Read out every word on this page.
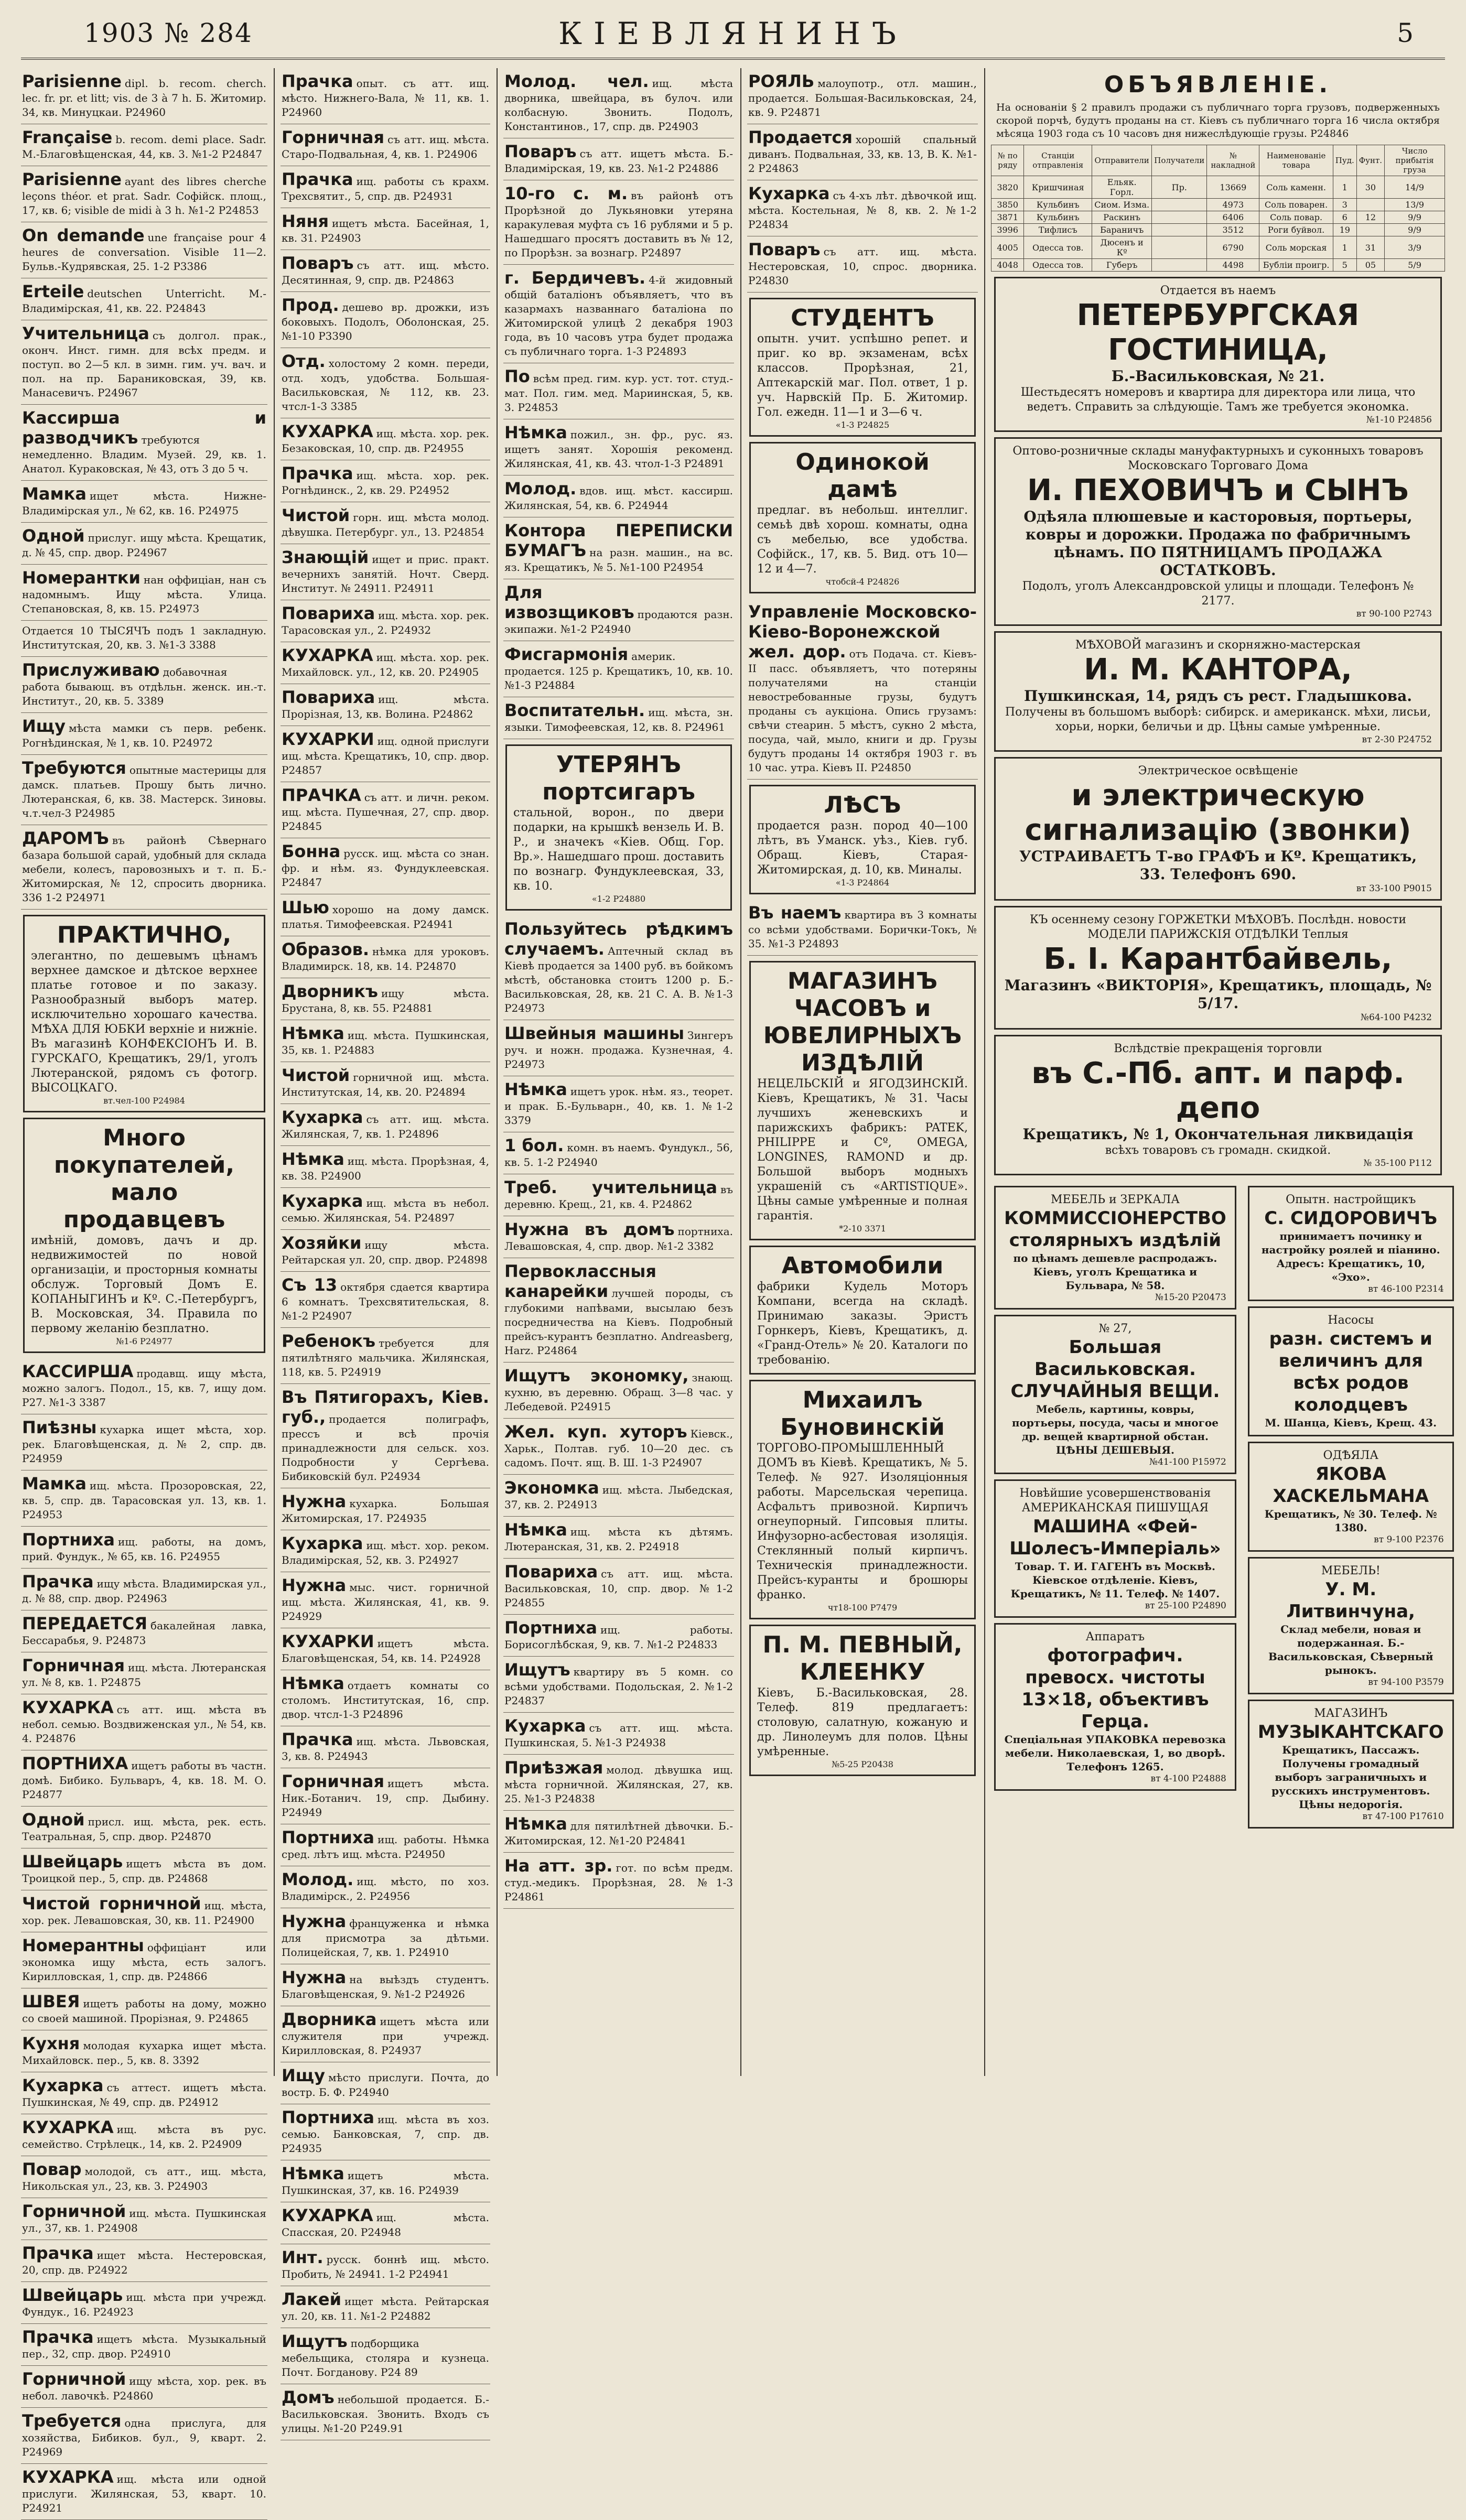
1903 № 284	КІЕВЛЯНИНЪ	5
Parisienne dipl. b. recom. cherch. lec. fr. pr. et litt; vis. de 3 à 7 h. Б. Житомир. 34, кв. Минуцкаи. Р24960
Française b. recom. demi place. Sadr. M.-Благовѣщенская, 44, кв. 3. №1-2 Р24847
Parisienne ayant des libres cherche leçons théor. et prat. Sadr. Софійск. площ., 17, кв. 6; visible de midi à 3 h. №1-2 Р24853
On demande une française pour 4 heures de conversation. Visible 11—2. Бульв.-Кудрявская, 25. 1-2 Р3386
Erteile deutschen Unterricht. M.-Владимірская, 41, кв. 22. Р24843
Учительница съ долгол. прак., оконч. Инст. гимн. для всѣх предм. и поступ. во 2—5 кл. в зимн. гим. уч. вач. и пол. на пр. Бараниковская, 39, кв. Манасевичъ. Р24967
Кассирша и разводчикъ требуются немедленно. Владим. Музей. 29, кв. 1. Анатол. Кураковская, № 43, отъ 3 до 5 ч.
Мамка ищет мѣста. Нижне-Владимірская ул., № 62, кв. 16. Р24975
Одной прислуг. ищу мѣста. Крещатик, д. № 45, спр. двор. Р24967
Номерантки нан оффиціан, нан съ надомнымъ. Ищу мѣста. Улица. Степановская, 8, кв. 15. Р24973
Отдается 10 ТЫСЯЧЪ подъ 1 закладную. Институтская, 20, кв. 3. №1-3 3388
Прислуживаю добавочная работа бывающ. въ отдѣльн. женск. ин.-т. Институт., 20, кв. 5. 3389
Ищу мѣста мамки съ перв. ребенк. Рогнѣдинская, № 1, кв. 10. Р24972
Требуются опытные мастерицы для дамск. платьев. Прошу быть лично. Лютеранская, 6, кв. 38. Мастерск. Зиновы. ч.т.чел-3 Р24985
ДАРОМЪ въ районѣ Сѣвернаго базара большой сарай, удобный для склада мебели, колесъ, паровозныхъ и т. п. Б.-Житомирская, № 12, спросить дворника. 336 1-2 Р24971
ПРАКТИЧНО,
элегантно, по дешевымъ цѣнамъ верхнее дамское и дѣтское верхнее платье готовое и по заказу. Разнообразный выборъ матер. исключительно хорошаго качества. МѢХА ДЛЯ ЮБКИ верхніе и нижніе. Въ магазинѣ КОНФЕКСІОНЪ И. В. ГУРСКАГО, Крещатикъ, 29/1, уголъ Лютеранской, рядомъ съ фотогр. ВЫСОЦКАГО.
вт.чел-100 Р24984
Много покупателей, мало продавцевъ
имѣній, домовъ, дачъ и др. недвижимостей по новой организаціи, и просторныя комнаты обслуж. Торговый Домъ Е. КОПАНЫГИНЪ и Кº. С.-Петербургъ, В. Московская, 34. Правила по первому желанію безплатно.
№1-6 Р24977
КАССИРША продавщ. ищу мѣста, можно залогъ. Подол., 15, кв. 7, ищу дом. Р27. №1-3 3387
Пиѣзны кухарка ищет мѣста, хор. рек. Благовѣщенская, д. № 2, спр. дв. Р24959
Мамка ищ. мѣста. Прозоровская, 22, кв. 5, спр. дв. Тарасовская ул. 13, кв. 1. Р24953
Портниха ищ. работы, на домъ, прий. Фундук., № 65, кв. 16. Р24955
Прачка ищу мѣста. Владимирская ул., д. № 88, спр. двор. Р24963
ПЕРЕДАЕТСЯ бакалейная лавка, Бессарабья, 9. Р24873
Горничная ищ. мѣста. Лютеранская ул. № 8, кв. 1. Р24875
КУХАРКА съ атт. ищ. мѣста въ небол. семью. Воздвиженская ул., № 54, кв. 4. Р24876
ПОРТНИХА ищетъ работы въ частн. домѣ. Бибико. Бульваръ, 4, кв. 18. М. О. Р24877
Одной присл. ищ. мѣста, рек. есть. Театральная, 5, спр. двор. Р24870
Швейцарь ищетъ мѣста въ дом. Троицкой пер., 5, спр. дв. Р24868
Чистой горничной ищ. мѣста, хор. рек. Левашовская, 30, кв. 11. Р24900
Номерантны оффиціант или экономка ищу мѣста, есть залогъ. Кирилловская, 1, спр. дв. Р24866
ШВЕЯ ищетъ работы на дому, можно со своей машиной. Прорізная, 9. Р24865
Кухня молодая кухарка ищет мѣста. Михайловск. пер., 5, кв. 8. 3392
Кухарка съ аттест. ищетъ мѣста. Пушкинская, № 49, спр. дв. Р24912
КУХАРКА ищ. мѣста въ рус. семейство. Стрѣлецк., 14, кв. 2. Р24909
Повар молодой, съ атт., ищ. мѣста, Никольская ул., 23, кв. 3. Р24903
Горничной ищ. мѣста. Пушкинская ул., 37, кв. 1. Р24908
Прачка ищет мѣста. Нестеровская, 20, спр. дв. Р24922
Швейцарь ищ. мѣста при учрежд. Фундук., 16. Р24923
Прачка ищетъ мѣста. Музыкальный пер., 32, спр. двор. Р24910
Горничной ищу мѣста, хор. рек. въ небол. лавочкѣ. Р24860
Требуется одна прислуга, для хозяйства, Бибиков. бул., 9, кварт. 2. Р24969
КУХАРКА ищ. мѣста или одной прислуги. Жилянская, 53, кварт. 10. Р24921
Прачка опыт. съ атт. ищ. мѣсто. Нижнего-Вала, № 11, кв. 1. Р24960
Горничная съ атт. ищ. мѣста. Старо-Подвальная, 4, кв. 1. Р24906
Прачка ищ. работы съ крахм. Трехсвятит., 5, спр. дв. Р24931
Няня ищетъ мѣста. Басейная, 1, кв. 31. Р24903
Поваръ съ атт. ищ. мѣсто. Десятинная, 9, спр. дв. Р24863
Прод. дешево вр. дрожки, изъ боковыхъ. Подолъ, Оболонская, 25. №1-10 Р3390
Отд. холостому 2 комн. переди, отд. ходъ, удобства. Большая-Васильковская, № 112, кв. 23. чтсл-1-3 3385
КУХАРКА ищ. мѣста. хор. рек. Безаковская, 10, спр. дв. Р24955
Прачка ищ. мѣста. хор. рек. Рогнѣдинск., 2, кв. 29. Р24952
Чистой горн. ищ. мѣста молод. дѣвушка. Петербург. ул., 13. Р24854
Знающій ищет и прис. практ. вечернихъ занятій. Ночт. Сверд. Институт. № 24911. Р24911
Повариха ищ. мѣста. хор. рек. Тарасовская ул., 2. Р24932
КУХАРКА ищ. мѣста. хор. рек. Михайловск. ул., 12, кв. 20. Р24905
Повариха ищ. мѣста. Прорізная, 13, кв. Волина. Р24862
КУХАРКИ ищ. одной прислуги ищ. мѣста. Крещатикъ, 10, спр. двор. Р24857
ПРАЧКА съ атт. и личн. реком. ищ. мѣста. Пушечная, 27, спр. двор. Р24845
Бонна русск. ищ. мѣста со знан. фр. и нѣм. яз. Фундуклеевская. Р24847
Шью хорошо на дому дамск. платья. Тимофеевская. Р24941
Образов. нѣмка для уроковъ. Владимирск. 18, кв. 14. Р24870
Дворникъ ищу мѣста. Брустана, 8, кв. 55. Р24881
Нѣмка ищ. мѣста. Пушкинская, 35, кв. 1. Р24883
Чистой горничной ищ. мѣста. Институтская, 14, кв. 20. Р24894
Кухарка съ атт. ищ. мѣста. Жилянская, 7, кв. 1. Р24896
Нѣмка ищ. мѣста. Прорѣзная, 4, кв. 38. Р24900
Кухарка ищ. мѣста въ небол. семью. Жилянская, 54. Р24897
Хозяйки ищу мѣста. Рейтарская ул. 20, спр. двор. Р24898
Съ 13 октября сдается квартира 6 комнатъ. Трехсвятительская, 8. №1-2 Р24907
Ребенокъ требуется для пятилѣтняго мальчика. Жилянская, 118, кв. 5. Р24919
Въ Пятигорахъ, Кіев. губ., продается полиграфъ, прессъ и всѣ прочія принадлежности для сельск. хоз. Подробности у Сергѣева. Бибиковскій бул. Р24934
Нужна кухарка. Большая Житомирская, 17. Р24935
Кухарка ищ. мѣст. хор. реком. Владимірская, 52, кв. 3. Р24927
Нужна мыс. чист. горничной ищ. мѣста. Жилянская, 41, кв. 9. Р24929
КУХАРКИ ищетъ мѣста. Благовѣщенская, 54, кв. 14. Р24928
Нѣмка отдаетъ комнаты со столомъ. Институтская, 16, спр. двор. чтсл-1-3 Р24896
Прачка ищ. мѣста. Львовская, 3, кв. 8. Р24943
Горничная ищетъ мѣста. Ник.-Ботанич. 19, спр. Дыбину. Р24949
Портниха ищ. работы. Нѣмка сред. лѣтъ ищ. мѣста. Р24950
Молод. ищ. мѣсто, по хоз. Владимірск., 2. Р24956
Нужна француженка и нѣмка для присмотра за дѣтьми. Полицейская, 7, кв. 1. Р24910
Нужна на выѣздъ студентъ. Благовѣщенская, 9. №1-2 Р24926
Дворника ищетъ мѣста или служителя при учрежд. Кирилловская, 8. Р24937
Ищу мѣсто прислуги. Почта, до востр. Б. Ф. Р24940
Портниха ищ. мѣста въ хоз. семью. Банковская, 7, спр. дв. Р24935
Нѣмка ищетъ мѣста. Пушкинская, 37, кв. 16. Р24939
КУХАРКА ищ. мѣста. Спасская, 20. Р24948
Инт. русск. боннѣ ищ. мѣсто. Пробить, № 24941. 1-2 Р24941
Лакей ищет мѣста. Рейтарская ул. 20, кв. 11. №1-2 Р24882
Ищутъ подборщика мебельщика, столяра и кузнеца. Почт. Богданову. Р24 89
Домъ небольшой продается. Б.-Васильковская. Звонить. Входъ съ улицы. №1-20 Р249.91
Молод. чел. ищ. мѣста дворника, швейцара, въ булоч. или колбасную. Звонить. Подолъ, Константинов., 17, спр. дв. Р24903
Поваръ съ атт. ищетъ мѣста. Б.-Владимірская, 19, кв. 23. №1-2 Р24886
10-го с. м. въ районѣ отъ Прорѣзной до Лукьяновки утеряна каракулевая муфта съ 16 рублями и 5 р. Нашедшаго просятъ доставить въ № 12, по Прорѣзн. за вознагр. Р24897
г. Бердичевъ. 4-й жидовный общій баталіонъ объявляетъ, что въ казармахъ названнаго баталіона по Житомирской улицѣ 2 декабря 1903 года, въ 10 часовъ утра будет продажа съ публичнаго торга. 1-3 Р24893
По всѣм пред. гим. кур. уст. тот. студ.-мат. Пол. гим. мед. Мариинская, 5, кв. 3. Р24853
Нѣмка пожил., зн. фр., рус. яз. ищетъ занят. Хорошія рекоменд. Жилянская, 41, кв. 43. чтол-1-3 Р24891
Молод. вдов. ищ. мѣст. кассирш. Жилянская, 54, кв. 6. Р24944
Контора ПЕРЕПИСКИ БУМАГЪ на разн. машин., на вс. яз. Крещатикъ, № 5. №1-100 Р24954
Для извозщиковъ продаются разн. экипажи. №1-2 Р24940
Фисгармонія америк. продается. 125 р. Крещатикъ, 10, кв. 10. №1-3 Р24884
Воспитательн. ищ. мѣста, зн. языки. Тимофеевская, 12, кв. 8. Р24961
УТЕРЯНЪ портсигаръ
стальной, ворон., по двери подарки, на крышкѣ вензель И. В. Р., и значекъ «Кіев. Общ. Гор. Вр.». Нашедшаго прош. доставить по вознагр. Фундуклеевская, 33, кв. 10.
«1-2 Р24880
Пользуйтесь рѣдкимъ случаемъ. Аптечный склад въ Кіевѣ продается за 1400 руб. въ бойкомъ мѣстѣ, обстановка стоитъ 1200 р. Б.-Васильковская, 28, кв. 21 С. А. В. №1-3 Р24973
Швейныя машины Зингеръ руч. и ножн. продажа. Кузнечная, 4. Р24973
Нѣмка ищетъ урок. нѣм. яз., теорет. и прак. Б.-Бульварн., 40, кв. 1. №1-2 3379
1 бол. комн. въ наемъ. Фундукл., 56, кв. 5. 1-2 Р24940
Треб. учительница въ деревню. Крещ., 21, кв. 4. Р24862
Нужна въ домъ портниха. Левашовская, 4, спр. двор. №1-2 3382
Первоклассныя канарейки лучшей породы, съ глубокими напѣвами, высылаю безъ посредничества на Кіевъ. Подробный прейсъ-курантъ безплатно. Andreasberg, Harz. Р24864
Ищутъ экономку, знающ. кухню, въ деревню. Обращ. 3—8 час. у Лебедевой. Р24915
Жел. куп. хуторъ Кіевск., Харьк., Полтав. губ. 10—20 дес. съ садомъ. Почт. ящ. В. Ш. 1-3 Р24907
Экономка ищ. мѣста. Лыбедская, 37, кв. 2. Р24913
Нѣмка ищ. мѣста къ дѣтямъ. Лютеранская, 31, кв. 2. Р24918
Повариха съ атт. ищ. мѣста. Васильковская, 10, спр. двор. №1-2 Р24855
Портниха ищ. работы. Борисоглѣбская, 9, кв. 7. №1-2 Р24833
Ищутъ квартиру въ 5 комн. со всѣми удобствами. Подольская, 2. №1-2 Р24837
Кухарка съ атт. ищ. мѣста. Пушкинская, 5. №1-3 Р24938
Приѣзжая молод. дѣвушка ищ. мѣста горничной. Жилянская, 27, кв. 25. №1-3 Р24838
Нѣмка для пятилѣтней дѣвочки. Б.-Житомирская, 12. №1-20 Р24841
На атт. зр. гот. по всѣм предм. студ.-медикъ. Прорѣзная, 28. №1-3 Р24861
РОЯЛЬ малоупотр., отл. машин., продается. Большая-Васильковская, 24, кв. 9. Р24871
Продается хорошій спальный диванъ. Подвальная, 33, кв. 13, В. К. №1-2 Р24863
Кухарка съ 4-хъ лѣт. дѣвочкой ищ. мѣста. Костельная, № 8, кв. 2. №1-2 Р24834
Поваръ съ атт. ищ. мѣста. Нестеровская, 10, спрос. дворника. Р24830
СТУДЕНТЪ
опытн. учит. успѣшно репет. и приг. ко вр. экзаменам, всѣх классов. Прорѣзная, 21, Аптекарскій маг. Пол. ответ, 1 р. уч. Нарвскій Пр. Б. Житомир. Гол. ежедн. 11—1 и 3—6 ч.
«1-3 Р24825
Одинокой дамѣ
предлаг. въ небольш. интеллиг. семьѣ двѣ хорош. комнаты, одна съ мебелью, все удобства. Софійск., 17, кв. 5. Вид. отъ 10—12 и 4—7.
чтобсй-4 Р24826
Управленіе Московско-Кіево-Воронежской жел. дор. отъ Подача. ст. Кіевъ-II пасс. объявляетъ, что потеряны получателями на станціи невостребованные грузы, будутъ проданы съ аукціона. Опись грузамъ: свѣчи стеарин. 5 мѣстъ, сукно 2 мѣста, посуда, чай, мыло, книги и др. Грузы будутъ проданы 14 октября 1903 г. въ 10 час. утра. Кіевъ II. Р24850
ЛѢСЪ
продается разн. пород 40—100 лѣтъ, въ Уманск. уѣз., Кіев. губ. Обращ. Кіевъ, Старая-Житомирская, д. 10, кв. Миналы.
«1-3 Р24864
Въ наемъ квартира въ 3 комнаты со всѣми удобствами. Борички-Токъ, № 35. №1-3 Р24893
МАГАЗИНЪ ЧАСОВЪ и ЮВЕЛИРНЫХЪ ИЗДѢЛІЙ
НЕЦЕЛЬСКІЙ и ЯГОДЗИНСКІЙ. Кіевъ, Крещатикъ, № 31. Часы лучшихъ женевскихъ и парижскихъ фабрикъ: PATEK, PHILIPPE и Сº, OMEGA, LONGINES, RAMOND и др. Большой выборъ модныхъ украшеній съ «ARTISTIQUE». Цѣны самые умѣренные и полная гарантія.
*2-10 3371
Автомобили
фабрики Кудель Моторъ Компани, всегда на складѣ. Принимаю заказы. Эристъ Горнкеръ, Кіевъ, Крещатикъ, д. «Гранд-Отель» № 20. Каталоги по требованію.
Михаилъ Буновинскій
ТОРГОВО-ПРОМЫШЛЕННЫЙ ДОМЪ въ Кіевѣ. Крещатикъ, № 5. Телеф. № 927. Изоляціонныя работы. Марсельская черепица. Асфальтъ привозной. Кирпичъ огнеупорный. Гипсовыя плиты. Инфузорно-асбестовая изоляція. Стеклянный полый кирпичъ. Техническія принадлежности. Прейсъ-куранты и брошюры франко.
чт18-100 Р7479
П. М. ПЕВНЫЙ, КЛЕЕНКУ
Кіевъ, Б.-Васильковская, 28. Телеф. 819 предлагаетъ: столовую, салатную, кожаную и др. Линолеумъ для полов. Цѣны умѣренные.
№5-25 Р20438
ОБЪЯВЛЕНІЕ.
На основаніи § 2 правилъ продажи съ публичнаго торга грузовъ, подверженныхъ скорой порчѣ, будутъ проданы на ст. Кіевъ съ публичнаго торга 16 числа октября мѣсяца 1903 года съ 10 часовъ дня нижеслѣдующіе грузы. Р24846
№ по ряду	Станціи отправленія	Отправители	Получатели	№ накладной	Наименованіе товара	Пуд.	Фунт.	Число прибытія груза
3820	Кришчиная	Ельяк. Горл.	Пр.	13669	Соль каменн.	1	30	14/9
3850	Кульбинъ	Сиом. Изма.		4973	Соль поварен.	3		13/9
3871	Кульбинъ	Раскинъ		6406	Соль повар.	6	12	9/9
3996	Тифлисъ	Бараничъ		3512	Роги буйвол.	19		9/9
4005	Одесса тов.	Дюсенъ и Кº		6790	Соль морская	1	31	3/9
4048	Одесса тов.	Губеръ		4498	Бубліи проигр.	5	05	5/9
Отдается въ наемъ
ПЕТЕРБУРГСКАЯ ГОСТИНИЦА,
Б.-Васильковская, № 21.
Шестьдесятъ номеровъ и квартира для директора или лица, что ведетъ. Справить за слѣдующіе. Тамъ же требуется экономка.
№1-10 Р24856
Оптово-розничные склады мануфактурныхъ и суконныхъ товаровъ Московскаго Торговаго Дома
И. ПЕХОВИЧЪ и СЫНЪ
Одѣяла плюшевые и касторовыя, портьеры, ковры и дорожки. Продажа по фабричнымъ цѣнамъ. ПО ПЯТНИЦАМЪ ПРОДАЖА ОСТАТКОВЪ.
Подолъ, уголъ Александровской улицы и площади. Телефонъ № 2177.
вт 90-100 Р2743
МѢХОВОЙ магазинъ и скорняжно-мастерская
И. М. КАНТОРА,
Пушкинская, 14, рядъ съ рест. Гладышкова.
Получены въ большомъ выборѣ: сибирск. и американск. мѣхи, лисьи, хорьи, норки, беличьи и др. Цѣны самые умѣренные.
вт 2-30 Р24752
Электрическое освѣщеніе
и электрическую сигнализацію (звонки)
УСТРАИВАЕТЪ Т-во ГРАФЪ и Кº. Крещатикъ, 33. Телефонъ 690.
вт 33-100 Р9015
КЪ осеннему сезону ГОРЖЕТКИ МѢХОВЪ. Послѣдн. новости МОДЕЛИ ПАРИЖСКІЯ ОТДѢЛКИ Теплыя
Б. І. Карантбайвель,
Магазинъ «ВИКТОРІЯ», Крещатикъ, площадь, № 5/17.
№64-100 Р4232
Вслѣдствіе прекращенія торговли
въ С.-Пб. апт. и парф. депо
Крещатикъ, № 1, Окончательная ликвидація
всѣхъ товаровъ съ громадн. скидкой.
№ 35-100 Р112
МЕБЕЛЬ и ЗЕРКАЛА
КОММИССІОНЕРСТВО столярныхъ издѣлій
по цѣнамъ дешевле распродажъ. Кіевъ, уголъ Крещатика и Бульвара, № 58.
№15-20 Р20473
№ 27,
Большая Васильковская. СЛУЧАЙНЫЯ ВЕЩИ.
Мебель, картины, ковры, портьеры, посуда, часы и многое др. вещей квартирной обстан. ЦѢНЫ ДЕШЕВЫЯ.
№41-100 Р15972
Новѣйшие усовершенствованія АМЕРИКАНСКАЯ ПИШУЩАЯ
МАШИНА «Фей-Шолесъ-Имперіаль»
Товар. Т. И. ГАГЕНЪ въ Москвѣ. Кіевское отдѣленіе. Кіевъ, Крещатикъ, № 11. Телеф. № 1407.
вт 25-100 Р24890
Аппаратъ
фотографич. превосх. чистоты 13×18, объективъ Герца.
Спеціальная УПАКОВКА перевозка мебели. Николаевская, 1, во дворѣ. Телефонъ 1265.
вт 4-100 Р24888
Опытн. настройщикъ
С. СИДОРОВИЧЪ
принимаетъ починку и настройку роялей и піанино. Адресъ: Крещатикъ, 10, «Эхо».
вт 46-100 Р2314
Насосы
разн. системъ и величинъ для всѣх родов колодцевъ
М. Шанца, Кіевъ, Крещ. 43.
ОДѢЯЛА
ЯКОВА ХАСКЕЛЬМАНА
Крещатикъ, № 30. Телеф. № 1380.
вт 9-100 Р2376
МЕБЕЛЬ!
У. М. Литвинчуна,
Склад мебели, новая и подержанная. Б.-Васильковская, Сѣверный рынокъ.
вт 94-100 Р3579
МАГАЗИНЪ
МУЗЫКАНТСКАГО
Крещатикъ, Пассажъ. Получены громадный выборъ заграничныхъ и русскихъ инструментовъ. Цѣны недорогія.
вт 47-100 Р17610
